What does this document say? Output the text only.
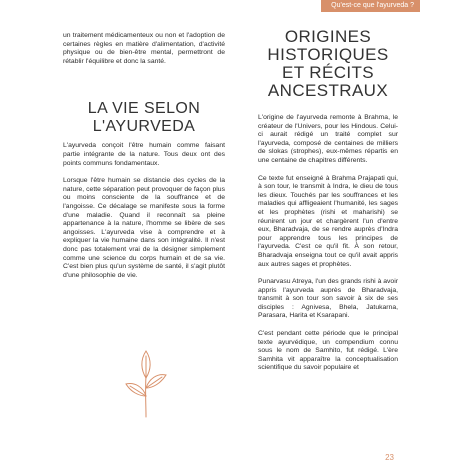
Qu'est-ce que l'ayurveda ?

un traitement médicamenteux ou non et l'adoption de certaines règles en matière d'alimentation, d'activité physique ou de bien-être mental, permettront de rétablir l'équilibre et donc la santé.

LA VIE SELON
L'AYURVEDA

L'ayurveda conçoit l'être humain comme faisant partie intégrante de la nature. Tous deux ont des points communs fondamentaux.

Lorsque l'être humain se distancie des cycles de la nature, cette séparation peut provoquer de façon plus ou moins consciente de la souffrance et de l'angoisse. Ce décalage se manifeste sous la forme d'une maladie. Quand il reconnaît sa pleine appartenance à la nature, l'homme se libère de ses angoisses. L'ayurveda vise à comprendre et à expliquer la vie humaine dans son intégralité. Il n'est donc pas totalement vrai de la désigner simplement comme une science du corps humain et de sa vie. C'est bien plus qu'un système de santé, il s'agit plutôt d'une philosophie de vie.

ORIGINES
HISTORIQUES
ET RÉCITS
ANCESTRAUX

L'origine de l'ayurveda remonte à Brahma, le créateur de l'Univers, pour les Hindous. Celui-ci aurait rédigé un traité complet sur l'ayurveda, composé de centaines de milliers de slokas (strophes), eux-mêmes répartis en une centaine de chapitres différents.

Ce texte fut enseigné à Brahma Prajapati qui, à son tour, le transmit à Indra, le dieu de tous les dieux. Touchés par les souffrances et les maladies qui affligeaient l'humanité, les sages et les prophètes (rishi et maharishi) se réunirent un jour et chargèrent l'un d'entre eux, Bharadvaja, de se rendre auprès d'Indra pour apprendre tous les principes de l'ayurveda. C'est ce qu'il fit. À son retour, Bharadvaja enseigna tout ce qu'il avait appris aux autres sages et prophètes.

Punarvasu Atreya, l'un des grands rishi à avoir appris l'ayurveda auprès de Bharadvaja, transmit à son tour son savoir à six de ses disciples : Agnivesa, Bhela, Jatukarna, Parasara, Harita et Ksarapani.

C'est pendant cette période que le principal texte ayurvédique, un compendium connu sous le nom de Samhito, fut rédigé. L'ère Samhita vit apparaître la conceptualisation scientifique du savoir populaire et

23
